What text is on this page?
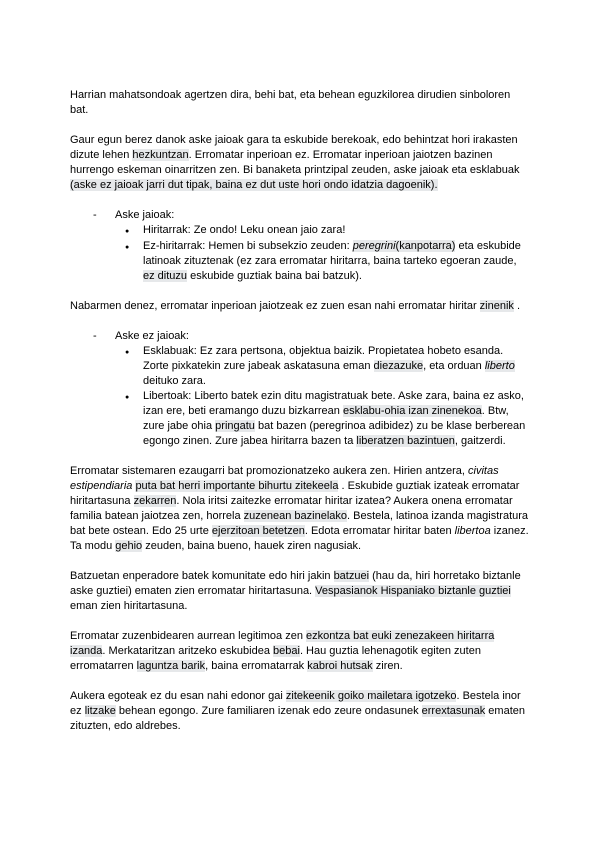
Harrian mahatsondoak agertzen dira, behi bat, eta behean eguzkilorea dirudien sinboloren bat.
Gaur egun berez danok aske jaioak gara ta eskubide berekoak, edo behintzat hori irakasten dizute lehen hezkuntzan. Erromatar inperioan ez. Erromatar inperioan jaiotzen bazinen hurrengo eskeman oinarritzen zen. Bi banaketa printzipal zeuden, aske jaioak eta esklabuak (aske ez jaioak jarri dut tipak, baina ez dut uste hori ondo idatzia dagoenik).
-	Aske jaioak:
●	Hiritarrak: Ze ondo! Leku onean jaio zara!
●	Ez-hiritarrak: Hemen bi subsekzio zeuden: peregrini(kanpotarra) eta eskubide latinoak zituztenak (ez zara erromatar hiritarra, baina tarteko egoeran zaude, ez dituzu eskubide guztiak baina bai batzuk).
Nabarmen denez, erromatar inperioan jaiotzeak ez zuen esan nahi erromatar hiritar zinenik .
-	Aske ez jaioak:
●	Esklabuak: Ez zara pertsona, objektua baizik. Propietatea hobeto esanda. Zorte pixkatekin zure jabeak askatasuna eman diezazuke, eta orduan liberto deituko zara.
●	Libertoak: Liberto batek ezin ditu magistratuak bete. Aske zara, baina ez asko, izan ere, beti eramango duzu bizkarrean esklabu-ohia izan zinenekoa. Btw, zure jabe ohia pringatu bat bazen (peregrinoa adibidez) zu be klase berberean egongo zinen. Zure jabea hiritarra bazen ta liberatzen bazintuen, gaitzerdi.
Erromatar sistemaren ezaugarri bat promozionatzeko aukera zen. Hirien antzera, civitas estipendiaria puta bat herri importante bihurtu zitekeela . Eskubide guztiak izateak erromatar hiritartasuna zekarren. Nola iritsi zaitezke erromatar hiritar izatea? Aukera onena erromatar familia batean jaiotzea zen, horrela zuzenean bazinelako. Bestela, latinoa izanda magistratura bat bete ostean. Edo 25 urte ejerzitoan betetzen. Edota erromatar hiritar baten libertoa izanez. Ta modu gehio zeuden, baina bueno, hauek ziren nagusiak.
Batzuetan enperadore batek komunitate edo hiri jakin batzuei (hau da, hiri horretako biztanle aske guztiei) ematen zien erromatar hiritartasuna. Vespasianok Hispaniako biztanle guztiei eman zien hiritartasuna.
Erromatar zuzenbidearen aurrean legitimoa zen ezkontza bat euki zenezakeen hiritarra izanda. Merkataritzan aritzeko eskubidea bebai. Hau guztia lehenagotik egiten zuten erromatarren laguntza barik, baina erromatarrak kabroi hutsak ziren.
Aukera egoteak ez du esan nahi edonor gai zitekeenik goiko mailetara igotzeko. Bestela inor ez litzake behean egongo. Zure familiaren izenak edo zeure ondasunek errextasunak ematen zituzten, edo aldrebes.
